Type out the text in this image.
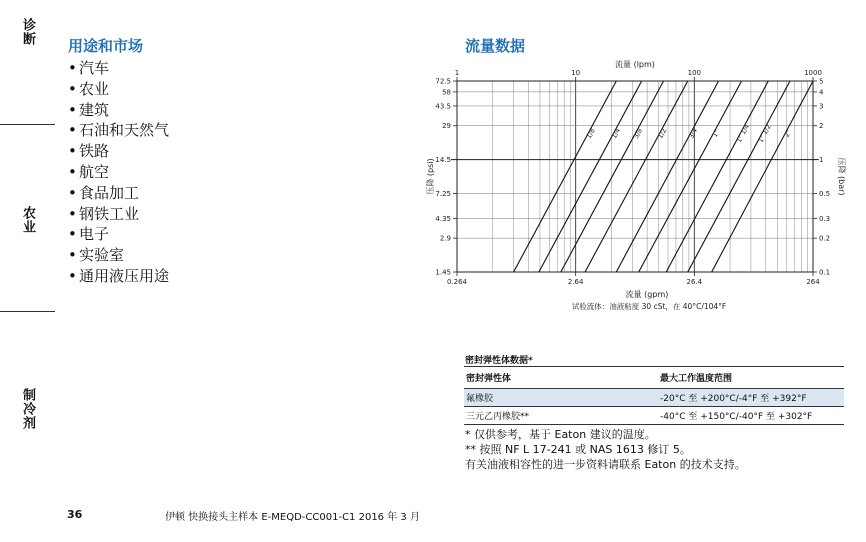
诊断
农业
制冷剂
用途和市场
• 汽车
• 农业
• 建筑
• 石油和天然气
• 铁路
• 航空
• 食品加工
• 钢铁工业
• 电子
• 实验室
• 通用液压用途
流量数据
1	10	100	1000
流量 (lpm)
0.264	2.64	26.4	264
流量 (gpm)
试验流体：油液粘度 30 cSt，在 40°C/104°F
72.5
58
43.5
29
14.5
7.25
4.35
2.9
1.45
5
4
3
2
1
0.5
0.3
0.2
0.1
压降 (psi)	压降 (bar)
1/8 1/4 3/8 1/2	3/4 1" 1" 1/4 1" 1/2 2"
密封弹性体数据*
密封弹性体	最大工作温度范围
氟橡胶	-20°C 至 +200°C/-4°F 至 +392°F
三元乙丙橡胶**	-40°C 至 +150°C/-40°F 至 +302°F
* 仅供参考，基于 Eaton 建议的温度。
** 按照 NF L 17-241 或 NAS 1613 修订 5。
有关油液相容性的进一步资料请联系 Eaton 的技术支持。
36	伊顿 快换接头主样本 E-MEQD-CC001-C1 2016 年 3 月
